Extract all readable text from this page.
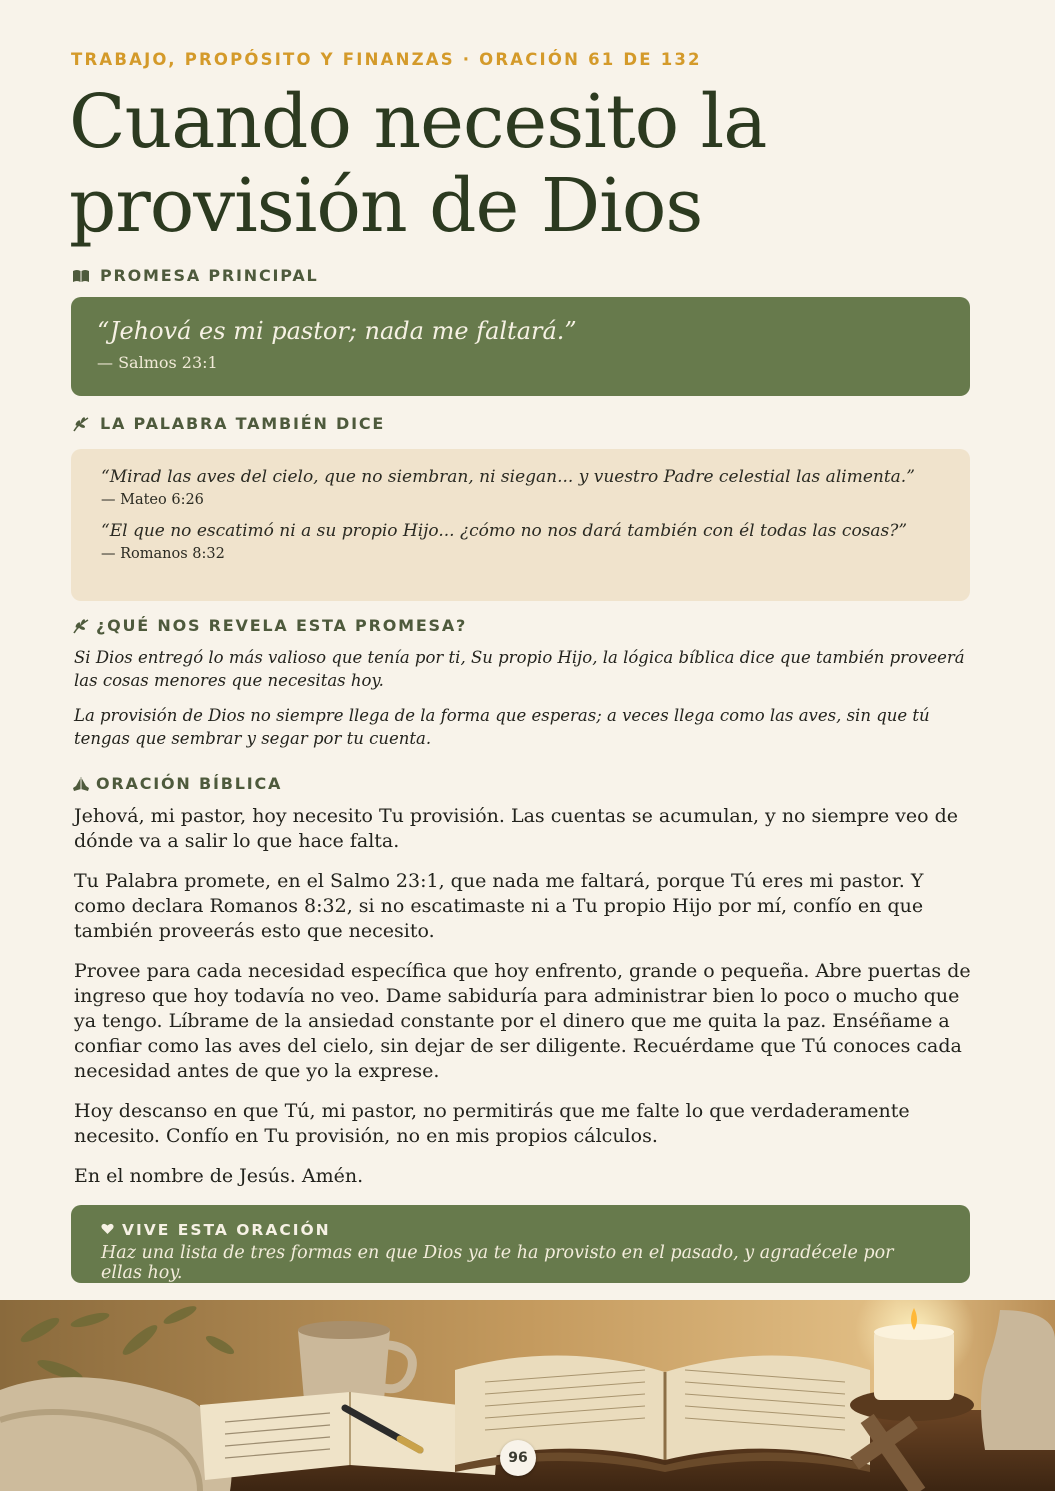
TRABAJO, PROPÓSITO Y FINANZAS · ORACIÓN 61 DE 132
Cuando necesito la provisión de Dios
PROMESA PRINCIPAL
“Jehová es mi pastor; nada me faltará.”
— Salmos 23:1
LA PALABRA TAMBIÉN DICE
“Mirad las aves del cielo, que no siembran, ni siegan... y vuestro Padre celestial las alimenta.”
— Mateo 6:26
“El que no escatimó ni a su propio Hijo... ¿cómo no nos dará también con él todas las cosas?”
— Romanos 8:32
¿QUÉ NOS REVELA ESTA PROMESA?

Si Dios entregó lo más valioso que tenía por ti, Su propio Hijo, la lógica bíblica dice que también proveerá las cosas menores que necesitas hoy.

La provisión de Dios no siempre llega de la forma que esperas; a veces llega como las aves, sin que tú tengas que sembrar y segar por tu cuenta.

ORACIÓN BÍBLICA

Jehová, mi pastor, hoy necesito Tu provisión. Las cuentas se acumulan, y no siempre veo de dónde va a salir lo que hace falta.

Tu Palabra promete, en el Salmo 23:1, que nada me faltará, porque Tú eres mi pastor. Y como declara Romanos 8:32, si no escatimaste ni a Tu propio Hijo por mí, confío en que también proveerás esto que necesito.

Provee para cada necesidad específica que hoy enfrento, grande o pequeña. Abre puertas de ingreso que hoy todavía no veo. Dame sabiduría para administrar bien lo poco o mucho que ya tengo. Líbrame de la ansiedad constante por el dinero que me quita la paz. Enséñame a confiar como las aves del cielo, sin dejar de ser diligente. Recuérdame que Tú conoces cada necesidad antes de que yo la exprese.

Hoy descanso en que Tú, mi pastor, no permitirás que me falte lo que verdaderamente necesito. Confío en Tu provisión, no en mis propios cálculos.

En el nombre de Jesús. Amén.

VIVE ESTA ORACIÓN
Haz una lista de tres formas en que Dios ya te ha provisto en el pasado, y agradécele por ellas hoy.
96
